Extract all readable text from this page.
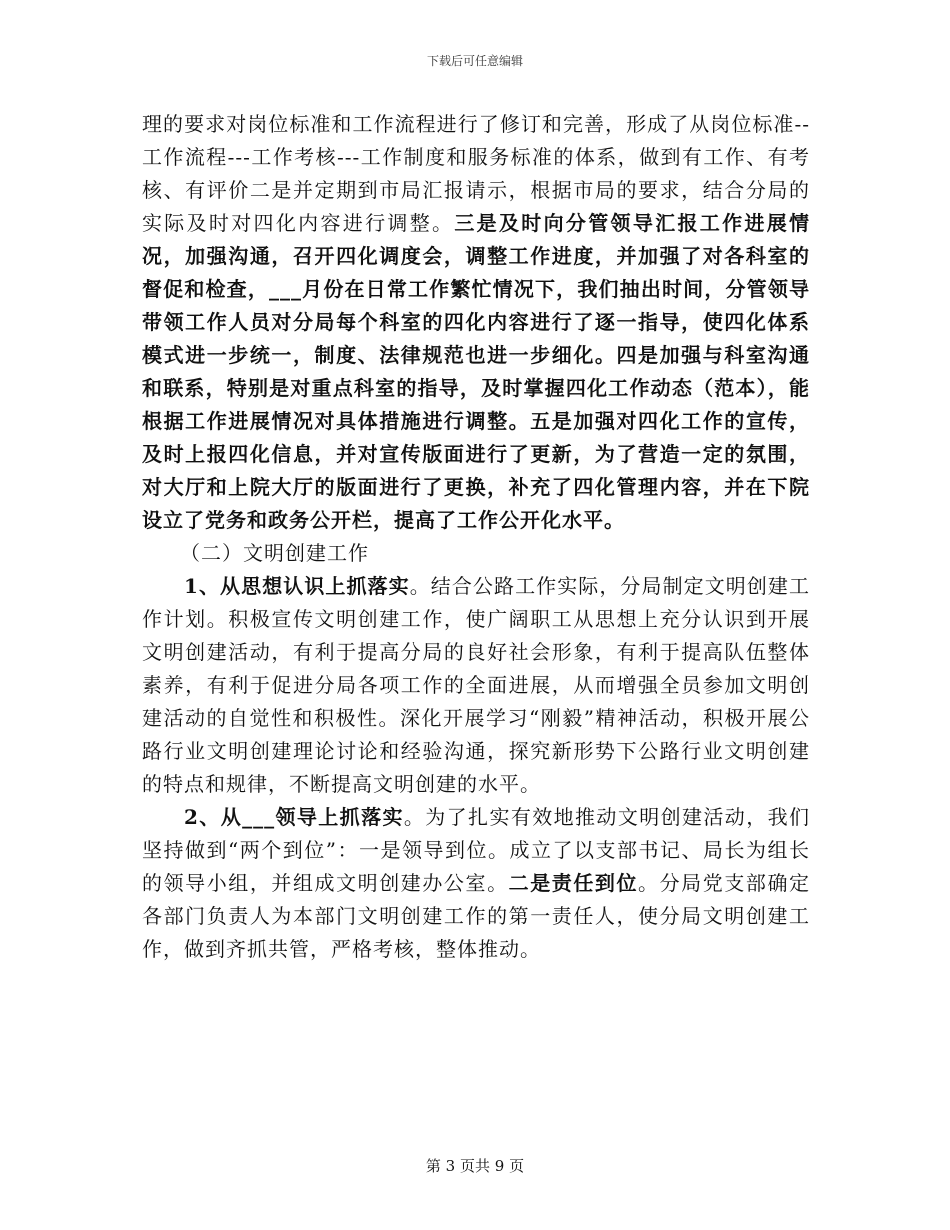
下载后可任意编辑

理的要求对岗位标准和工作流程进行了修订和完善，形成了从岗位标准--工作流程---工作考核---工作制度和服务标准的体系，做到有工作、有考核、有评价二是并定期到市局汇报请示，根据市局的要求，结合分局的实际及时对四化内容进行调整。三是及时向分管领导汇报工作进展情况，加强沟通，召开四化调度会，调整工作进度，并加强了对各科室的督促和检查，___月份在日常工作繁忙情况下，我们抽出时间，分管领导带领工作人员对分局每个科室的四化内容进行了逐一指导，使四化体系模式进一步统一，制度、法律规范也进一步细化。四是加强与科室沟通和联系，特别是对重点科室的指导，及时掌握四化工作动态（范本），能根据工作进展情况对具体措施进行调整。五是加强对四化工作的宣传，及时上报四化信息，并对宣传版面进行了更新，为了营造一定的氛围，对大厅和上院大厅的版面进行了更换，补充了四化管理内容，并在下院设立了党务和政务公开栏，提高了工作公开化水平。

（二）文明创建工作

1、从思想认识上抓落实。结合公路工作实际，分局制定文明创建工作计划。积极宣传文明创建工作，使广阔职工从思想上充分认识到开展文明创建活动，有利于提高分局的良好社会形象，有利于提高队伍整体素养，有利于促进分局各项工作的全面进展，从而增强全员参加文明创建活动的自觉性和积极性。深化开展学习“刚毅”精神活动，积极开展公路行业文明创建理论讨论和经验沟通，探究新形势下公路行业文明创建的特点和规律，不断提高文明创建的水平。

2、从___领导上抓落实。为了扎实有效地推动文明创建活动，我们坚持做到“两个到位”：一是领导到位。成立了以支部书记、局长为组长的领导小组，并组成文明创建办公室。二是责任到位。分局党支部确定各部门负责人为本部门文明创建工作的第一责任人，使分局文明创建工作，做到齐抓共管，严格考核，整体推动。

第 3 页共 9 页
